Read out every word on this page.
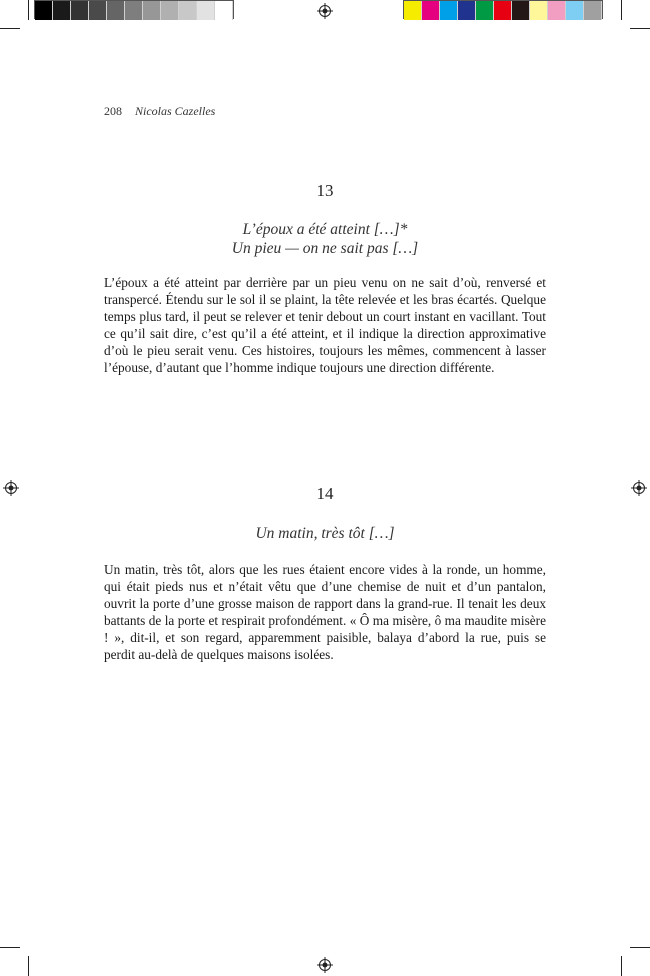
208 Nicolas Cazelles
13
L’époux a été atteint […]*
Un pieu — on ne sait pas […]

L’époux a été atteint par derrière par un pieu venu on ne sait d’où, renversé et transpercé. Étendu sur le sol il se plaint, la tête relevée et les bras écartés. Quelque temps plus tard, il peut se relever et tenir debout un court instant en vacillant. Tout ce qu’il sait dire, c’est qu’il a été atteint, et il indique la direction approximative d’où le pieu serait venu. Ces histoires, toujours les mêmes, commencent à lasser l’épouse, d’autant que l’homme indique toujours une direction différente.

14
Un matin, très tôt […]

Un matin, très tôt, alors que les rues étaient encore vides à la ronde, un homme, qui était pieds nus et n’était vêtu que d’une chemise de nuit et d’un pantalon, ouvrit la porte d’une grosse maison de rapport dans la grand-rue. Il tenait les deux battants de la porte et respirait profondément. « Ô ma misère, ô ma maudite misère ! », dit-il, et son regard, apparemment paisible, balaya d’abord la rue, puis se perdit au-delà de quelques maisons isolées.
